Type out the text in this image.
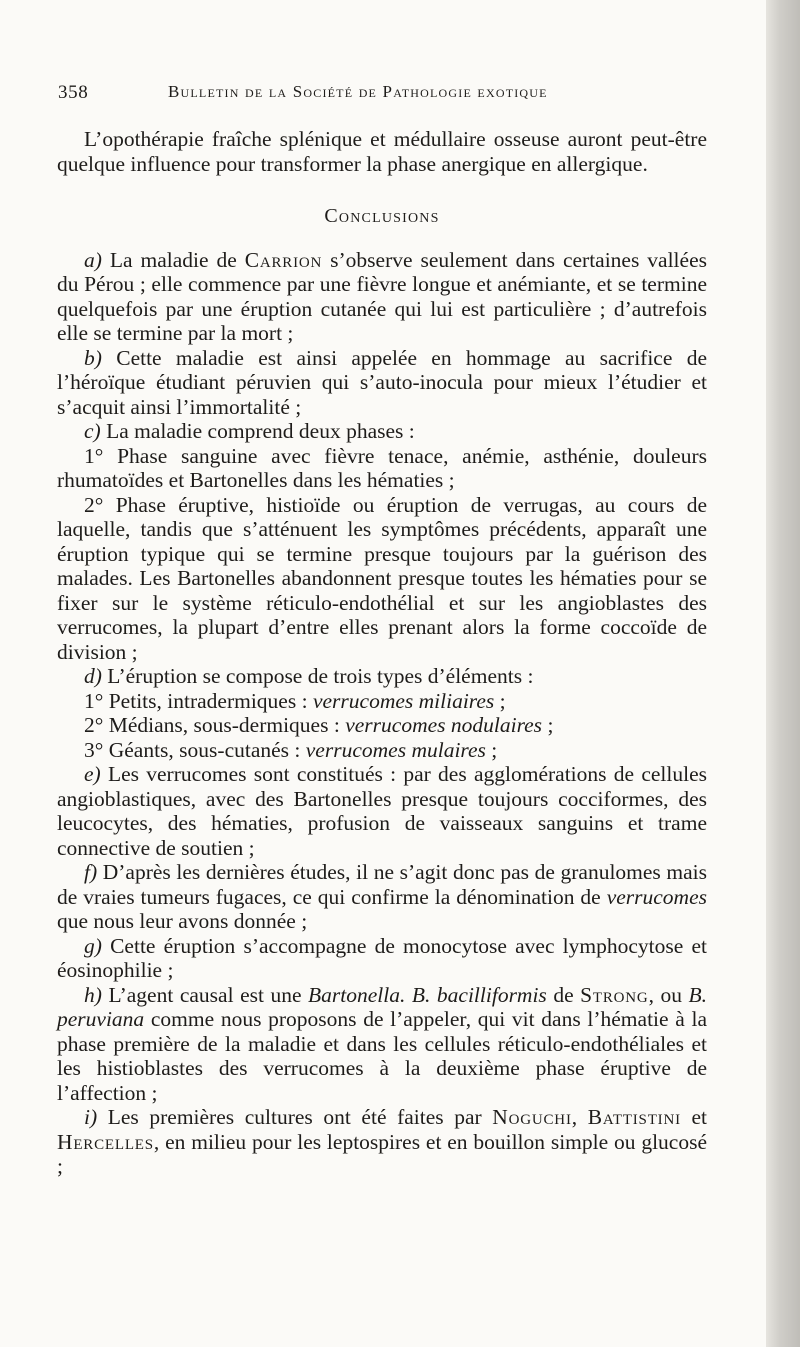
358	Bulletin de la Société de Pathologie exotique

L’opothérapie fraîche splénique et médullaire osseuse auront peut-être quelque influence pour transformer la phase anergique en allergique.

Conclusions

a) La maladie de Carrion s’observe seulement dans certaines vallées du Pérou ; elle commence par une fièvre longue et anémiante, et se termine quelquefois par une éruption cutanée qui lui est particulière ; d’autrefois elle se termine par la mort ;

b) Cette maladie est ainsi appelée en hommage au sacrifice de l’héroïque étudiant péruvien qui s’auto-inocula pour mieux l’étudier et s’acquit ainsi l’immortalité ;

c) La maladie comprend deux phases :

1° Phase sanguine avec fièvre tenace, anémie, asthénie, douleurs rhumatoïdes et Bartonelles dans les hématies ;

2° Phase éruptive, histioïde ou éruption de verrugas, au cours de laquelle, tandis que s’atténuent les symptômes précédents, apparaît une éruption typique qui se termine presque toujours par la guérison des malades. Les Bartonelles abandonnent presque toutes les hématies pour se fixer sur le système réticulo-endothélial et sur les angioblastes des verrucomes, la plupart d’entre elles prenant alors la forme coccoïde de division ;

d) L’éruption se compose de trois types d’éléments :

1° Petits, intradermiques : verrucomes miliaires ;

2° Médians, sous-dermiques : verrucomes nodulaires ;

3° Géants, sous-cutanés : verrucomes mulaires ;

e) Les verrucomes sont constitués : par des agglomérations de cellules angioblastiques, avec des Bartonelles presque toujours cocciformes, des leucocytes, des hématies, profusion de vaisseaux sanguins et trame connective de soutien ;

f) D’après les dernières études, il ne s’agit donc pas de granulomes mais de vraies tumeurs fugaces, ce qui confirme la dénomination de verrucomes que nous leur avons donnée ;

g) Cette éruption s’accompagne de monocytose avec lymphocytose et éosinophilie ;

h) L’agent causal est une Bartonella. B. bacilliformis de Strong, ou B. peruviana comme nous proposons de l’appeler, qui vit dans l’hématie à la phase première de la maladie et dans les cellules réticulo-endothéliales et les histioblastes des verrucomes à la deuxième phase éruptive de l’affection ;

i) Les premières cultures ont été faites par Noguchi, Battistini et Hercelles, en milieu pour les leptospires et en bouillon simple ou glucosé ;
